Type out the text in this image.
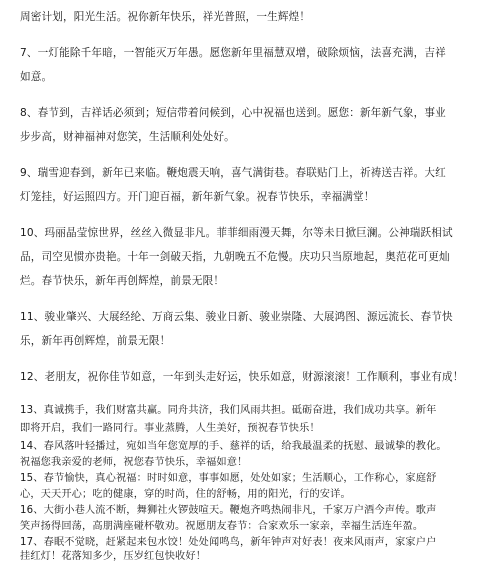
周密计划，阳光生活。祝你新年快乐，祥光普照，一生辉煌！
7、一灯能除千年暗，一智能灭万年愚。愿您新年里福慧双增，破除烦恼，法喜充满，吉祥
如意。
8、春节到，吉祥话必须到；短信带着问候到，心中祝福也送到。愿您：新年新气象，事业
步步高，财神福神对您笑，生活顺利处处好。
9、瑞雪迎春到，新年已来临。鞭炮震天响，喜气满街巷。春联贴门上，祈祷送吉祥。大红
灯笼挂，好运照四方。开门迎百福，新年新气象。祝春节快乐，幸福满堂！
10、玛丽晶莹惊世界，丝丝入微显非凡。菲菲细雨漫天舞，尔等未日掀巨澜。公神瑞跃相试
品，司空见惯亦贵艳。十年一剑破天指，九朝晚五不危慢。庆功只当原地起，奥范花可更灿
烂。春节快乐，新年再创辉煌，前景无限！
11、骏业肇兴、大展经纶、万商云集、骏业日新、骏业崇隆、大展鸿图、源远流长、春节快
乐，新年再创辉煌，前景无限！
12、老朋友，祝你佳节如意，一年到头走好运，快乐如意，财源滚滚！工作顺利，事业有成！
13、真诚携手，我们财富共赢。同舟共济，我们风雨共担。砥砺奋进，我们成功共享。新年
即将开启，我们一路同行。事业蒸腾，人生美好，预祝春节快乐！
14、春风落叶轻播过，宛如当年您宽厚的手、慈祥的话，给我最温柔的抚慰、最诚挚的教化。
祝福您我亲爱的老师，祝您春节快乐，幸福如意！
15、春节愉快，真心祝福：时时如意，事事如愿，处处如家；生活顺心，工作称心，家庭舒
心，天天开心；吃的健康，穿的时尚，住的舒畅，用的阳光，行的安详。
16、大街小巷人流不断，舞狮社火锣鼓喧天。鞭炮齐鸣热闹非凡，千家万户酒今声传。歌声
笑声扬得回荡，高朋满座碰杯敬劝。祝愿朋友春节：合家欢乐一家亲，幸福生活连年盈。
17、春眠不觉晓，赶紧起来包水饺！处处闻鸣鸟，新年钟声对好表！夜来风雨声，家家户户
挂红灯！花落知多少，压岁红包快收好！
